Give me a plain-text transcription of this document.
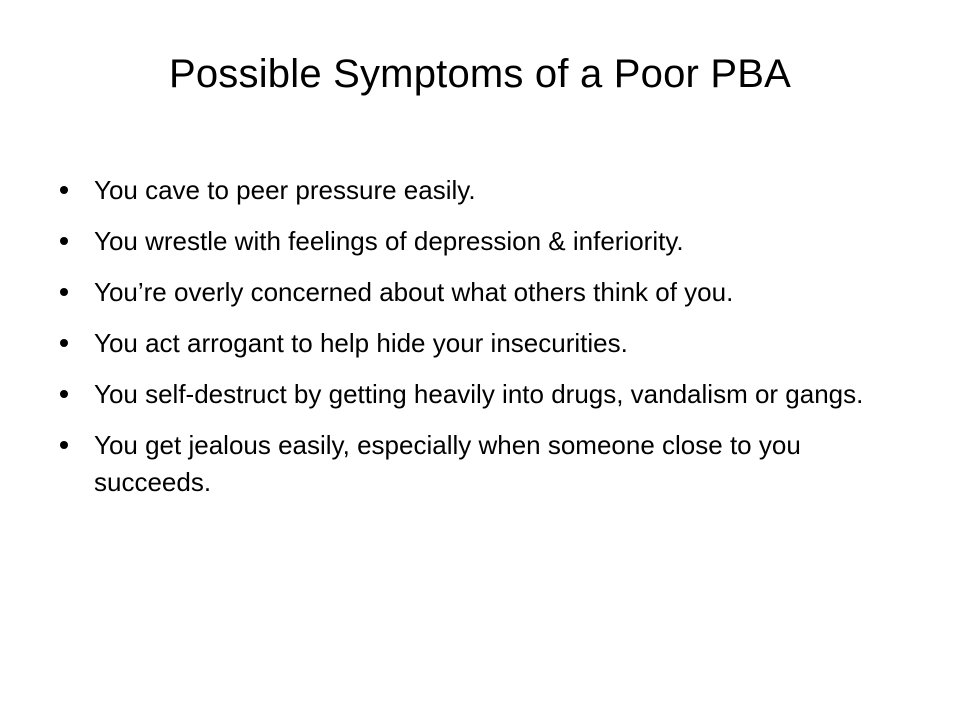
Possible Symptoms of a Poor PBA
You cave to peer pressure easily.
You wrestle with feelings of depression & inferiority.
You’re overly concerned about what others think of you.
You act arrogant to help hide your insecurities.
You self-destruct by getting heavily into drugs, vandalism or gangs.
You get jealous easily, especially when someone close to you succeeds.
